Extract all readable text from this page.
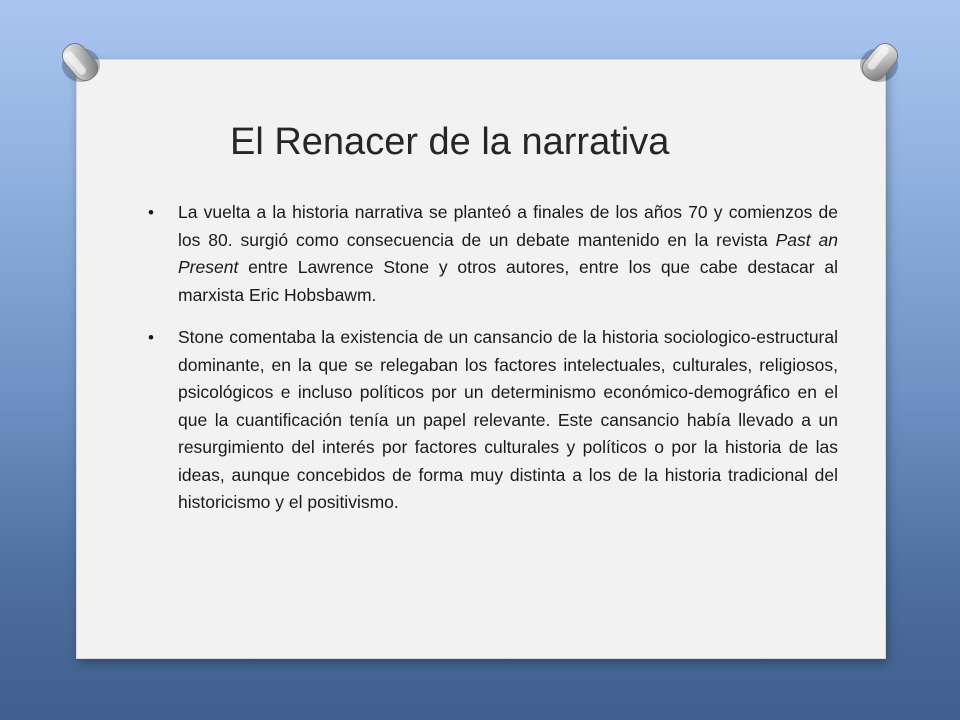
El Renacer de la narrativa
• La vuelta a la historia narrativa se planteó a finales de los años 70 y comienzos de los 80. surgió como consecuencia de un debate mantenido en la revista Past an Present entre Lawrence Stone y otros autores, entre los que cabe destacar al marxista Eric Hobsbawm.
• Stone comentaba la existencia de un cansancio de la historia sociologico-estructural dominante, en la que se relegaban los factores intelectuales, culturales, religiosos, psicológicos e incluso políticos por un determinismo económico-demográfico en el que la cuantificación tenía un papel relevante. Este cansancio había llevado a un resurgimiento del interés por factores culturales y políticos o por la historia de las ideas, aunque concebidos de forma muy distinta a los de la historia tradicional del historicismo y el positivismo.
